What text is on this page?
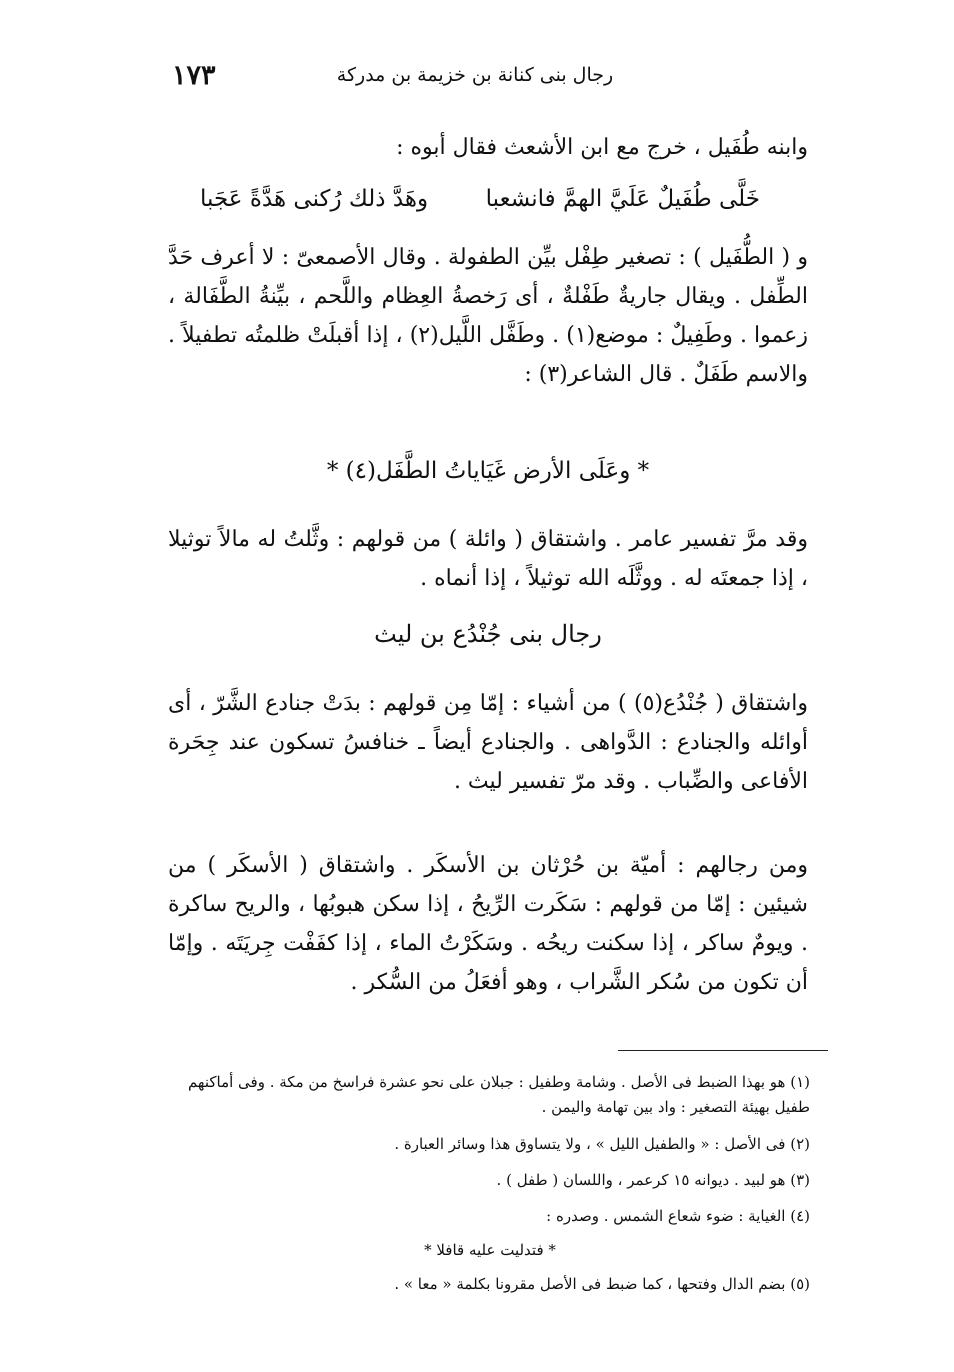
١٧٣	رجال بنى كنانة بن خزيمة بن مدركة

وابنه طُفَيل ، خرج مع ابن الأشعث فقال أبوه :

خَلَّى طُفَيلٌ عَلَيَّ الهمَّ فانشعبا
وهَدَّ ذلك رُكنى هَدَّةً عَجَبا

و ( الطُّفَيل ) : تصغير طِفْل بيِّن الطفولة . وقال الأصمعىّ : لا أعرف حَدَّ الطِّفل . ويقال جاريةٌ طَفْلةٌ ، أى رَخصةُ العِظام واللَّحم ، بيِّنةُ الطَّفَالة ، زعموا . وطَفِيلٌ : موضع(١) . وطَفَّل اللَّيل(٢) ، إذا أقبلَتْ ظلمتُه تطفيلاً . والاسم طَفَلٌ . قال الشاعر(٣) :

* وعَلَى الأرض غَيَاياتُ الطَّفَل(٤) *

وقد مرَّ تفسير عامر . واشتقاق ( وائلة ) من قولهم : وثَّلتُ له مالاً توثيلا ، إذا جمعتَه له . ووثَّلَه الله توثيلاً ، إذا أنماه .

رجال بنى جُنْدُع بن ليث

واشتقاق ( جُنْدُع(٥) ) من أشياء : إمّا مِن قولهم : بدَتْ جنادع الشَّرّ ، أى أوائله والجنادع : الدَّواهى . والجنادع أيضاً ـ خنافسُ تسكون عند جِحَرة الأفاعى والضِّباب . وقد مرّ تفسير ليث .

ومن رجالهم : أميّة بن حُرْثان بن الأسكَر . واشتقاق ( الأسكَر ) من شيئين : إمّا من قولهم : سَكَرت الرِّيحُ ، إذا سكن هبوبُها ، والريح ساكرة . ويومٌ ساكر ، إذا سكنت ريحُه . وسَكَرْتُ الماء ، إذا كفَفْت جِريَتَه . وإمّا أن تكون من سُكر الشَّراب ، وهو أفعَلُ من السُّكر .

(١) هو بهذا الضبط فى الأصل . وشامة وطفيل : جبلان على نحو عشرة فراسخ من مكة . وفى أماكنهم طفيل بهيئة التصغير : واد بين تهامة واليمن .

(٢) فى الأصل : « والطفيل الليل » ، ولا يتساوق هذا وسائر العبارة .

(٣) هو لبيد . ديوانه ١٥ كرعمر ، واللسان ( طفل ) .

(٤) الغياية : ضوء شعاع الشمس . وصدره :

* فتدليت عليه قافلا *

(٥) بضم الدال وفتحها ، كما ضبط فى الأصل مقرونا بكلمة « معا » .
